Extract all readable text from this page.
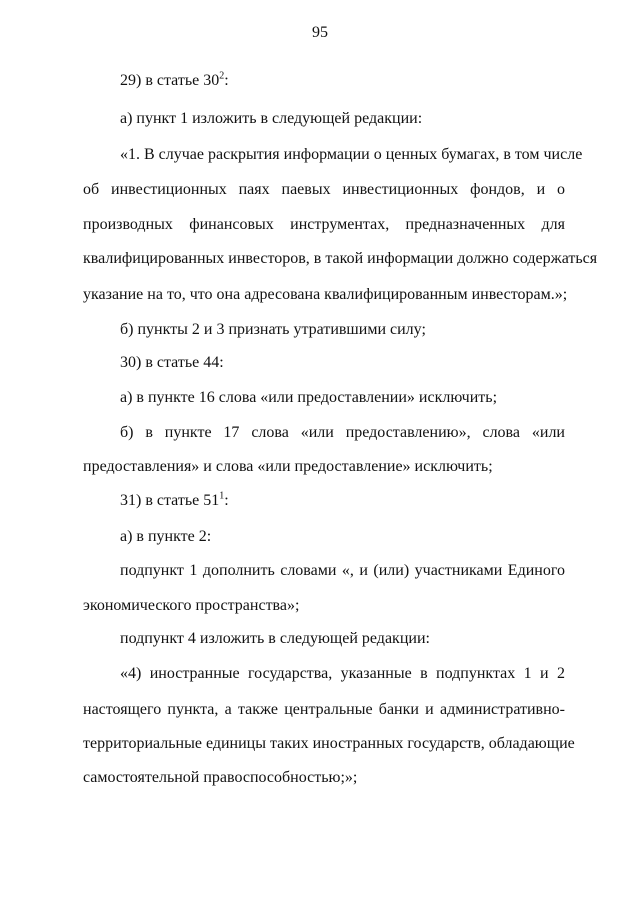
95
29) в статье $30^2$:
а) пункт 1 изложить в следующей редакции:
«1. В случае раскрытия информации о ценных бумагах, в том числе
об инвестиционных паях паевых инвестиционных фондов, и о
производных финансовых инструментах, предназначенных для
квалифицированных инвесторов, в такой информации должно содержаться
указание на то, что она адресована квалифицированным инвесторам.»;
б) пункты 2 и 3 признать утратившими силу;
30) в статье 44:
а) в пункте 16 слова «или предоставлении» исключить;
б) в пункте 17 слова «или предоставлению», слова «или
предоставления» и слова «или предоставление» исключить;
31) в статье $51^1$:
а) в пункте 2:
подпункт 1 дополнить словами «, и (или) участниками Единого
экономического пространства»;
подпункт 4 изложить в следующей редакции:
«4) иностранные государства, указанные в подпунктах 1 и 2
настоящего пункта, а также центральные банки и административно-
территориальные единицы таких иностранных государств, обладающие
самостоятельной правоспособностью;»;
